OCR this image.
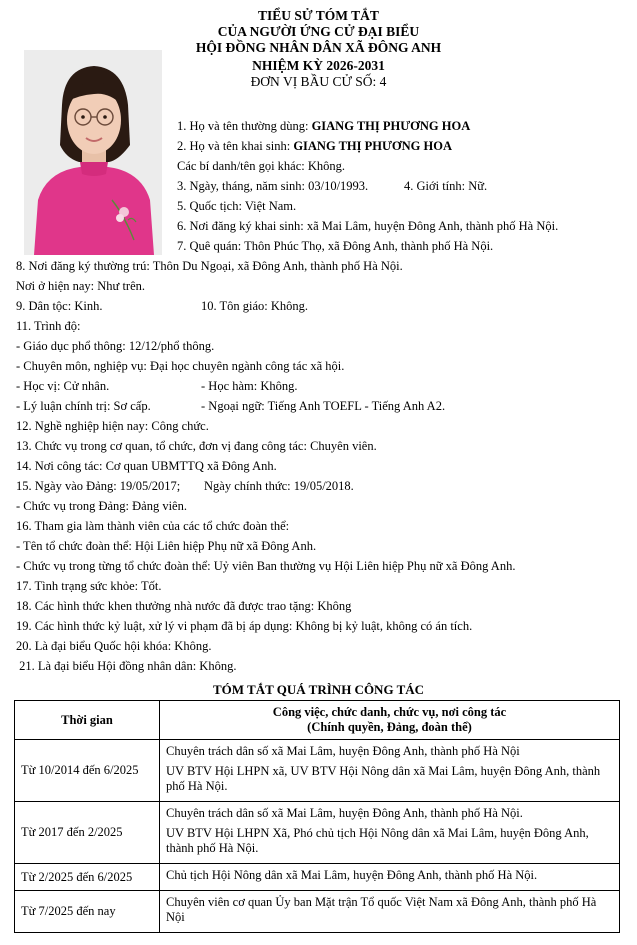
TIỂU SỬ TÓM TẮT
CỦA NGƯỜI ỨNG CỬ ĐẠI BIỂU
HỘI ĐỒNG NHÂN DÂN XÃ ĐÔNG ANH
NHIỆM KỲ 2026-2031
ĐƠN VỊ BẦU CỬ SỐ: 4
1. Họ và tên thường dùng: GIANG THỊ PHƯƠNG HOA
2. Họ và tên khai sinh: GIANG THỊ PHƯƠNG HOA
Các bí danh/tên gọi khác: Không.
3. Ngày, tháng, năm sinh: 03/10/1993.	4. Giới tính: Nữ.
5. Quốc tịch: Việt Nam.
6. Nơi đăng ký khai sinh: xã Mai Lâm, huyện Đông Anh, thành phố Hà Nội.
7. Quê quán: Thôn Phúc Thọ, xã Đông Anh, thành phố Hà Nội.
8. Nơi đăng ký thường trú: Thôn Du Ngoại, xã Đông Anh, thành phố Hà Nội.
Nơi ở hiện nay: Như trên.
9. Dân tộc: Kinh.	10. Tôn giáo: Không.
11. Trình độ:
- Giáo dục phổ thông: 12/12/phổ thông.
- Chuyên môn, nghiệp vụ: Đại học chuyên ngành công tác xã hội.
- Học vị: Cử nhân.	- Học hàm: Không.
- Lý luận chính trị: Sơ cấp.	- Ngoại ngữ: Tiếng Anh TOEFL - Tiếng Anh A2.
12. Nghề nghiệp hiện nay: Công chức.
13. Chức vụ trong cơ quan, tổ chức, đơn vị đang công tác: Chuyên viên.
14. Nơi công tác: Cơ quan UBMTTQ xã Đông Anh.
15. Ngày vào Đảng: 19/05/2017; Ngày chính thức: 19/05/2018.
- Chức vụ trong Đảng: Đảng viên.
16. Tham gia làm thành viên của các tổ chức đoàn thể:
- Tên tổ chức đoàn thể: Hội Liên hiệp Phụ nữ xã Đông Anh.
- Chức vụ trong từng tổ chức đoàn thể: Uỷ viên Ban thường vụ Hội Liên hiệp Phụ nữ xã Đông Anh.
17. Tình trạng sức khỏe: Tốt.
18. Các hình thức khen thưởng nhà nước đã được trao tặng: Không
19. Các hình thức kỷ luật, xử lý vi phạm đã bị áp dụng: Không bị kỷ luật, không có án tích.
20. Là đại biểu Quốc hội khóa: Không.
21. Là đại biểu Hội đồng nhân dân: Không.
TÓM TẮT QUÁ TRÌNH CÔNG TÁC
Thời gian	Công việc, chức danh, chức vụ, nơi công tác
(Chính quyền, Đảng, đoàn thể)

Từ 10/2014 đến 6/2025	Chuyên trách dân số xã Mai Lâm, huyện Đông Anh, thành phố Hà Nội

UV BTV Hội LHPN xã, UV BTV Hội Nông dân xã Mai Lâm, huyện Đông Anh, thành phố Hà Nội.

Từ 2017 đến 2/2025	Chuyên trách dân số xã Mai Lâm, huyện Đông Anh, thành phố Hà Nội.

UV BTV Hội LHPN Xã, Phó chủ tịch Hội Nông dân xã Mai Lâm, huyện Đông Anh, thành phố Hà Nội.

Từ 2/2025 đến 6/2025	Chủ tịch Hội Nông dân xã Mai Lâm, huyện Đông Anh, thành phố Hà Nội.

Từ 7/2025 đến nay	Chuyên viên cơ quan Ủy ban Mặt trận Tổ quốc Việt Nam xã Đông Anh, thành phố Hà Nội
